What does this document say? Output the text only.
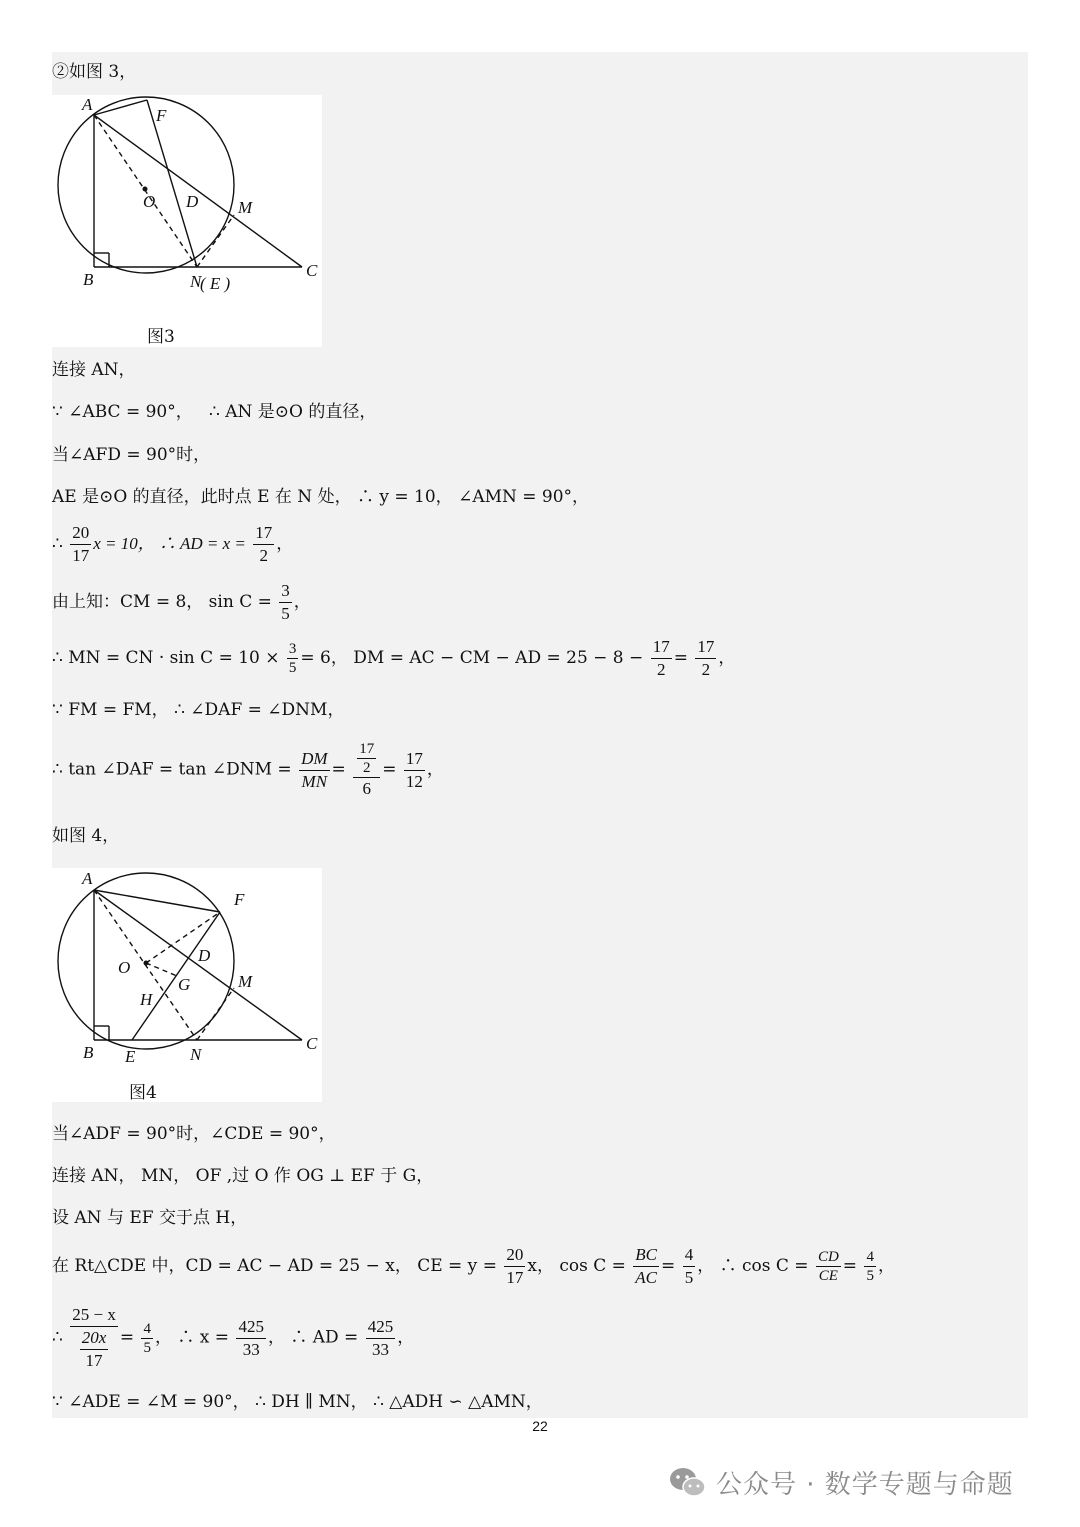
②如图 3，
A
F
O D M
B	N
( E )
C
图3
连接 AN，
∵ ∠ABC = 90°， ∴ AN 是⊙O 的直径，
当∠AFD = 90°时，
AE 是⊙O 的直径，此时点 E 在 N 处， ∴ y = 10， ∠AMN = 90°，
∴ $\frac{20}{17}$ x = 10， ∴ AD = $x = \frac{17}{2}$ ，
由上知：CM = 8， $\sin C = \frac{3}{5}$ ，
∴ MN = CN · $\sin C = 10 \times \frac{3}{5} = 6$， DM = AC − CM − AD = $25 - 8 - \frac{17}{2} = \frac{17}{2}$ ，
∵ FM = FM， ∴ ∠DAF = ∠DNM，
∴ tan ∠DAF = tan ∠DNM = $\frac{DM}{MN} = \frac{\frac{17}{2}}{6} = \frac{17}{12}$ ，
如图 4，
A
F
O
D
M
H
G
B E	N
C
图4
当∠ADF = 90°时，∠CDE = 90°，
连接 AN， MN， OF ,过 O 作 OG ⊥ EF 于 G，
设 AN 与 EF 交于点 H，
在 Rt△CDE 中，CD = AC − AD = 25 − x， CE = $y = \frac{20}{17}$ x， $\cos C = \frac{BC}{AC} = \frac{4}{5}$ ， ∴ $\cos C = \frac{CD}{CE} = \frac{4}{5}$ ，
∴ $\frac{25 - x}{\frac{20x}{17}} = \frac{4}{5}$ ， ∴ $x = \frac{425}{33}$ ， ∴ AD = $\frac{425}{33}$ ，
∵ ∠ADE = ∠M = 90°， ∴ DH ∥ MN， ∴ △ADH ∽ △AMN，
22
公众号 · 数学专题与命题
